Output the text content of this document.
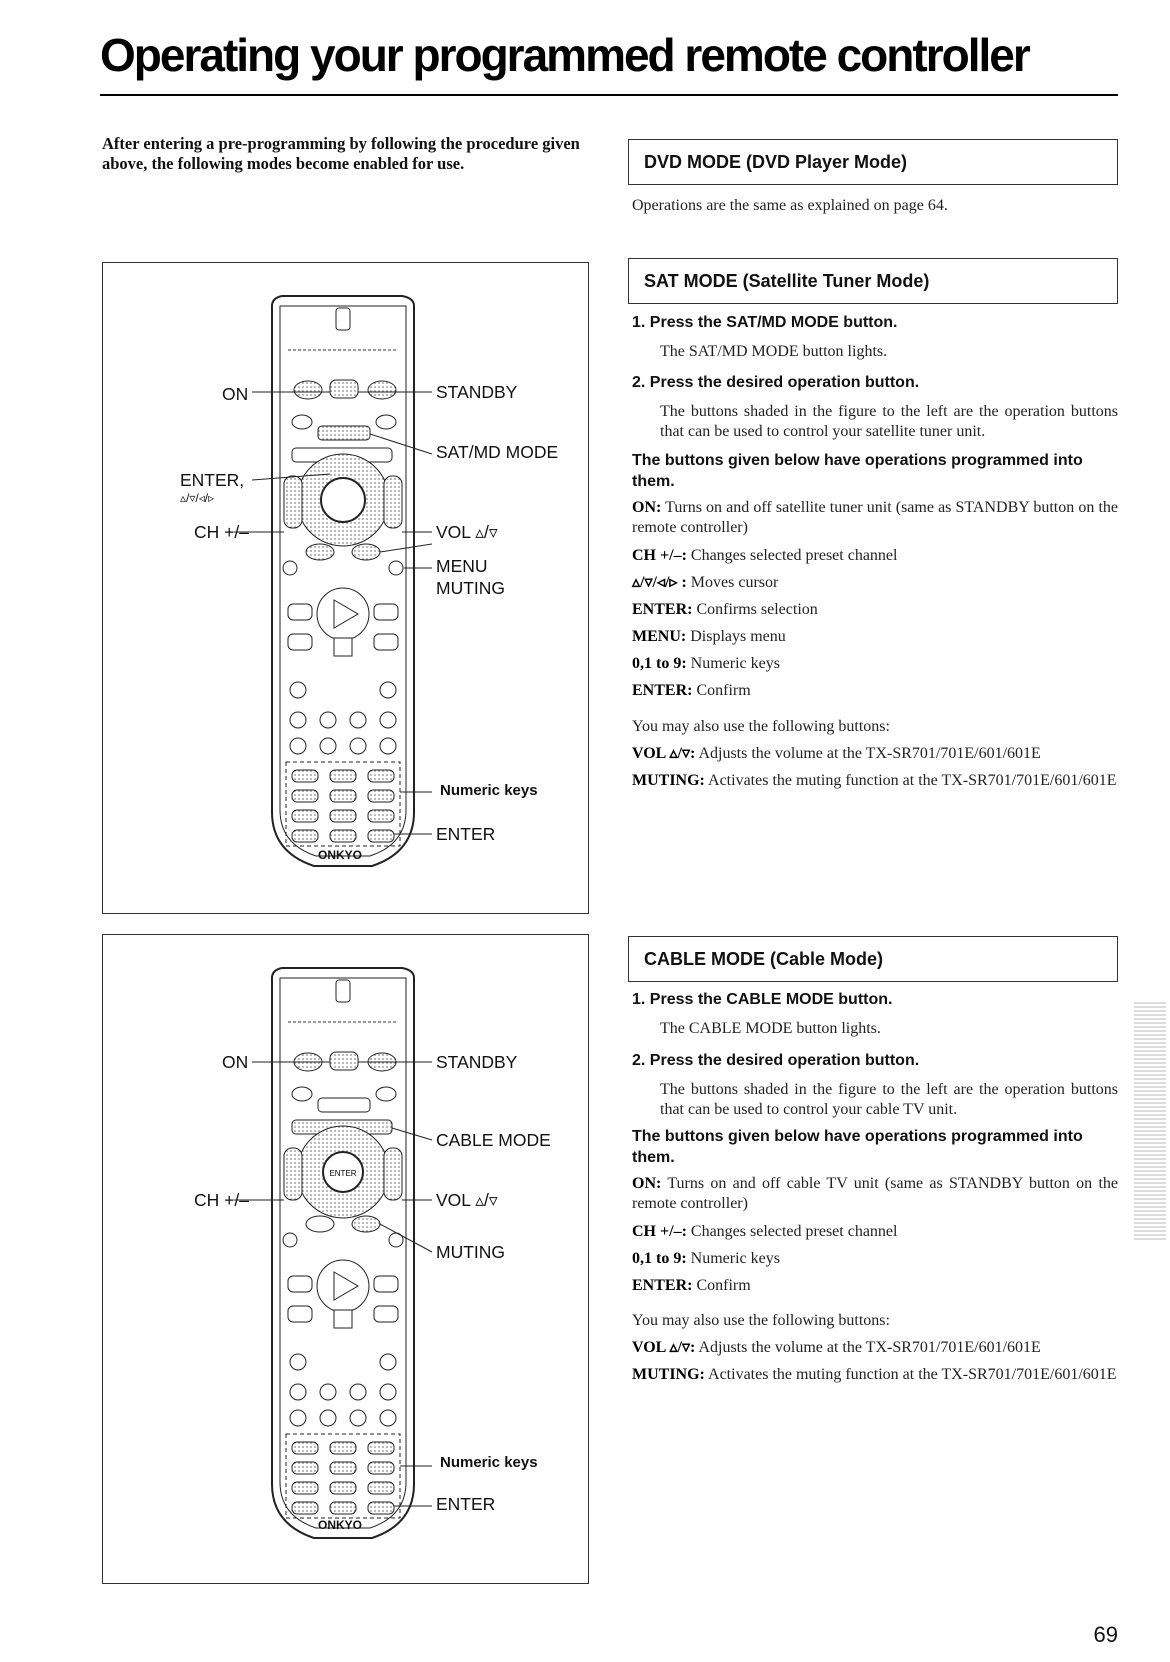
Operating your programmed remote controller
After entering a pre-programming by following the procedure given above, the following modes become enabled for use.	DVD MODE (DVD Player Mode)
Operations are the same as explained on page 64.
SAT MODE (Satellite Tuner Mode)
1. Press the SAT/MD MODE button.
The SAT/MD MODE button lights.
2. Press the desired operation button.
The buttons shaded in the figure to the left are the operation buttons that can be used to control your satellite tuner unit.
The buttons given below have operations programmed into them.
ON: Turns on and off satellite tuner unit (same as STANDBY button on the remote controller)
CH +/–: Changes selected preset channel
▵/▿/◃/▹ : Moves cursor
ENTER: Confirms selection
MENU: Displays menu
0,1 to 9: Numeric keys
ENTER: Confirm
You may also use the following buttons:
VOL ▵/▿: Adjusts the volume at the TX-SR701/701E/601/601E
MUTING: Activates the muting function at the TX-SR701/701E/601/601E
CABLE MODE (Cable Mode)
1. Press the CABLE MODE button.
The CABLE MODE button lights.
2. Press the desired operation button.
The buttons shaded in the figure to the left are the operation buttons that can be used to control your cable TV unit.
The buttons given below have operations programmed into them.
ON: Turns on and off cable TV unit (same as STANDBY button on the remote controller)
CH +/–: Changes selected preset channel
0,1 to 9: Numeric keys
ENTER: Confirm
You may also use the following buttons:
VOL ▵/▿: Adjusts the volume at the TX-SR701/701E/601/601E
MUTING: Activates the muting function at the TX-SR701/701E/601/601E
ON	STANDBY
SAT/MD MODE
ENTER,
▵/▿/◃/▹
CH +/–	VOL ▵/▿
MENU
MUTING
Numeric keys
ENTER
ONKYO
ENTER
ON	STANDBY
CABLE MODE
CH +/–	VOL ▵/▿
MUTING
Numeric keys
ENTER
ONKYO
69
